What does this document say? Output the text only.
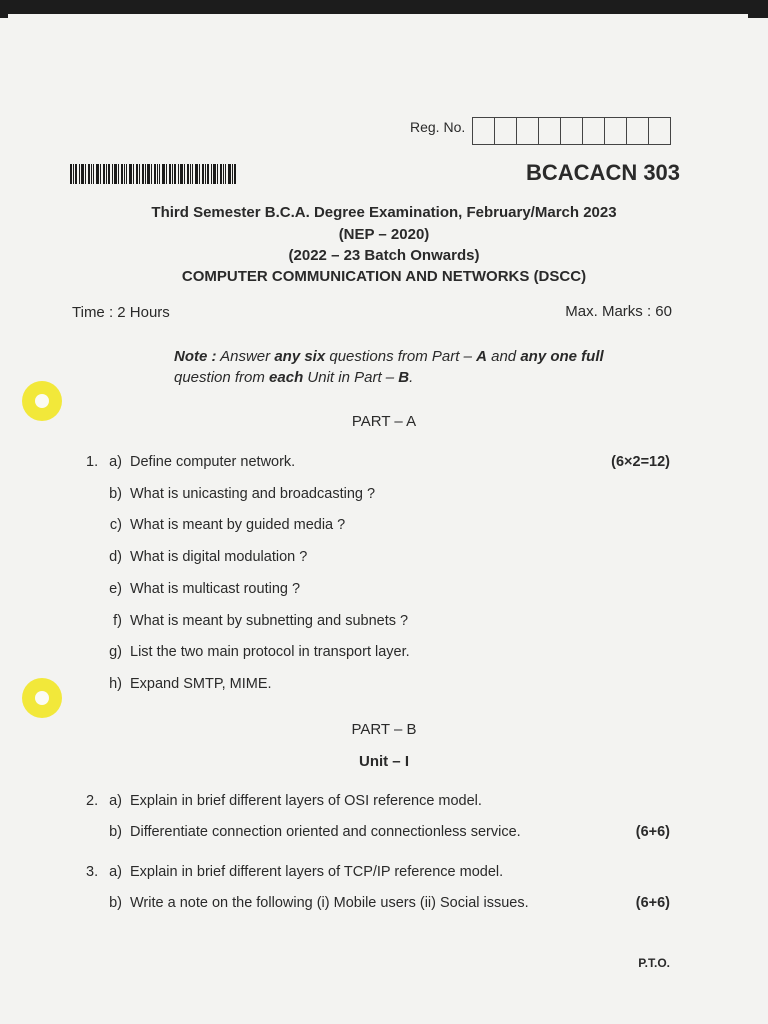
Reg. No.
BCACACN 303
Third Semester B.C.A. Degree Examination, February/March 2023
(NEP – 2020)
(2022 – 23 Batch Onwards)
COMPUTER COMMUNICATION AND NETWORKS (DSCC)
Time : 2 Hours	Max. Marks : 60
Note : Answer any six questions from Part – A and any one full
question from each Unit in Part – B.
PART – A
1.	(6×2=12)
a) Define computer network.
b) What is unicasting and broadcasting ?
c) What is meant by guided media ?
d) What is digital modulation ?
e) What is multicast routing ?
f) What is meant by subnetting and subnets ?
g) List the two main protocol in transport layer.
h) Expand SMTP, MIME.
PART – B
Unit – I
2. a) Explain in brief different layers of OSI reference model.
b) Differentiate connection oriented and connectionless service.	(6+6)
3. a) Explain in brief different layers of TCP/IP reference model.
b) Write a note on the following (i) Mobile users (ii) Social issues.	(6+6)
P.T.O.
